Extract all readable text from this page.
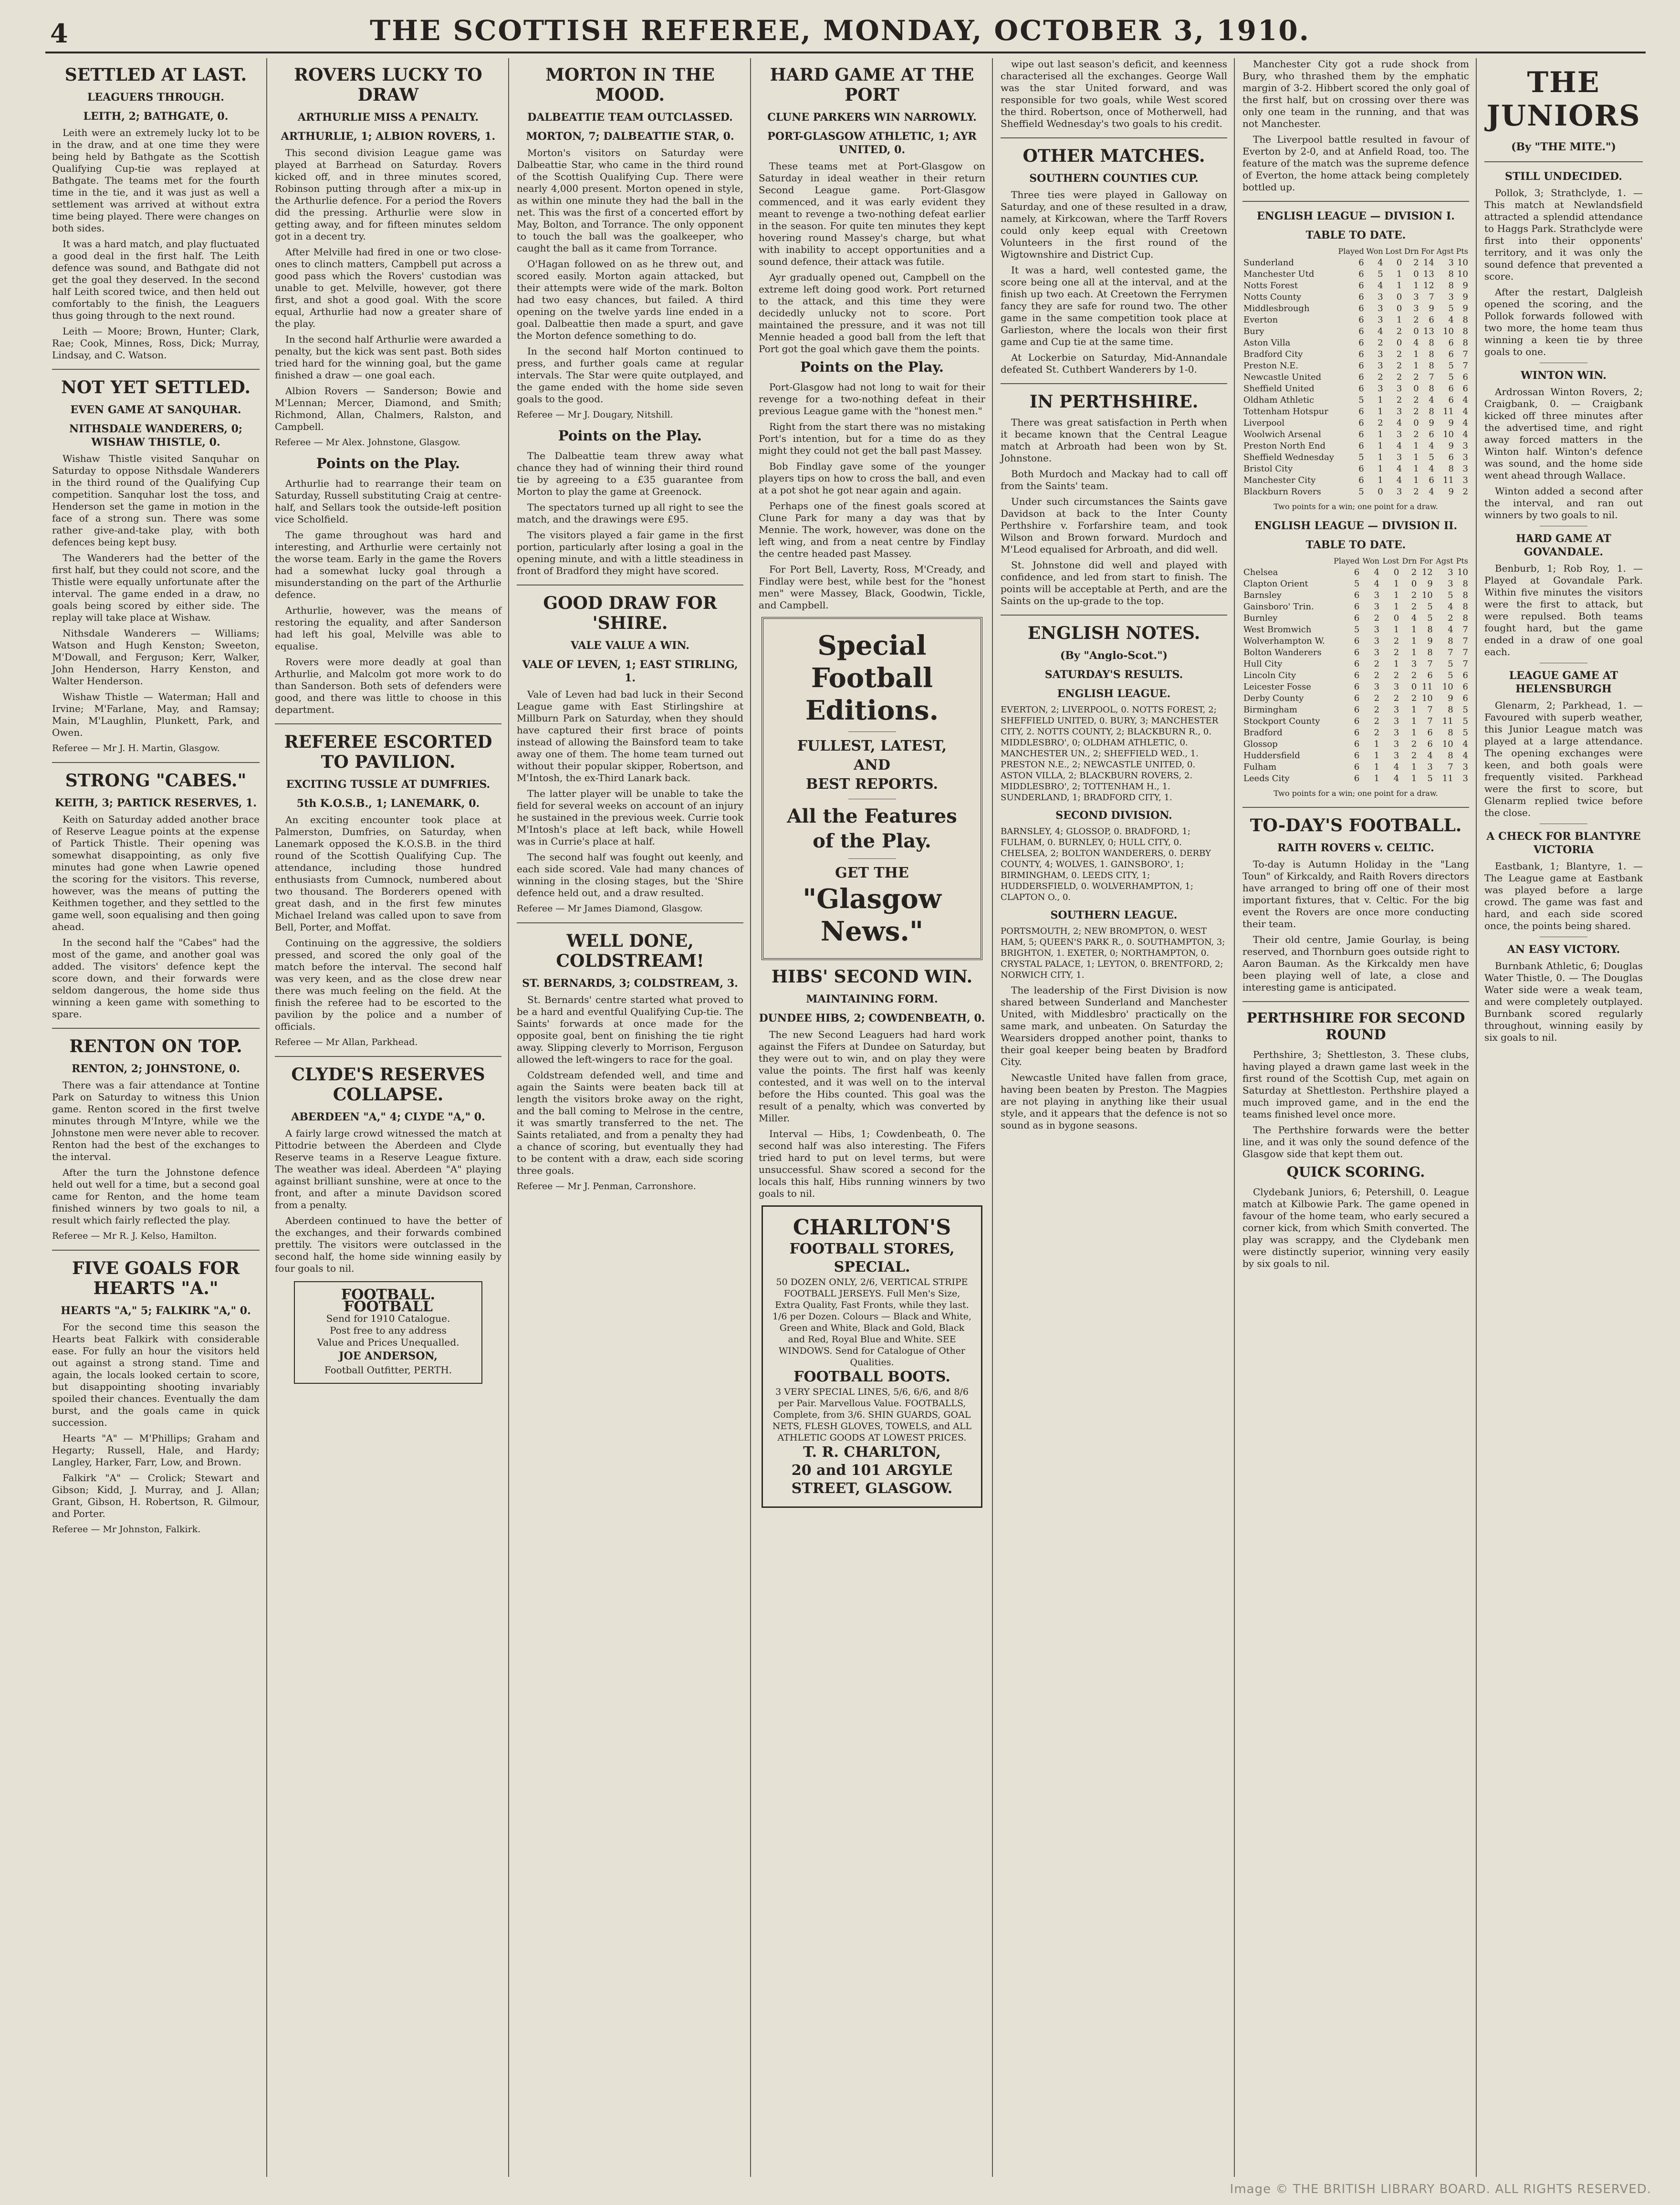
4	THE SCOTTISH REFEREE, MONDAY, OCTOBER 3, 1910.
SETTLED AT LAST.
LEAGUERS THROUGH.
LEITH, 2; BATHGATE, 0.

Leith were an extremely lucky lot to be in the draw, and at one time they were being held by Bathgate as the Scottish Qualifying Cup-tie was replayed at Bathgate. The teams met for the fourth time in the tie, and it was just as well a settlement was arrived at without extra time being played. There were changes on both sides.

It was a hard match, and play fluctuated a good deal in the first half. The Leith defence was sound, and Bathgate did not get the goal they deserved. In the second half Leith scored twice, and then held out comfortably to the finish, the Leaguers thus going through to the next round.

Leith — Moore; Brown, Hunter; Clark, Rae; Cook, Minnes, Ross, Dick; Murray, Lindsay, and C. Watson.

NOT YET SETTLED.
EVEN GAME AT SANQUHAR.
NITHSDALE WANDERERS, 0; WISHAW THISTLE, 0.

Wishaw Thistle visited Sanquhar on Saturday to oppose Nithsdale Wanderers in the third round of the Qualifying Cup competition. Sanquhar lost the toss, and Henderson set the game in motion in the face of a strong sun. There was some rather give-and-take play, with both defences being kept busy.

The Wanderers had the better of the first half, but they could not score, and the Thistle were equally unfortunate after the interval. The game ended in a draw, no goals being scored by either side. The replay will take place at Wishaw.

Nithsdale Wanderers — Williams; Watson and Hugh Kenston; Sweeton, M'Dowall, and Ferguson; Kerr, Walker, John Henderson, Harry Kenston, and Walter Henderson.

Wishaw Thistle — Waterman; Hall and Irvine; M'Farlane, May, and Ramsay; Main, M'Laughlin, Plunkett, Park, and Owen.

Referee — Mr J. H. Martin, Glasgow.

STRONG "CABES."
KEITH, 3; PARTICK RESERVES, 1.

Keith on Saturday added another brace of Reserve League points at the expense of Partick Thistle. Their opening was somewhat disappointing, as only five minutes had gone when Lawrie opened the scoring for the visitors. This reverse, however, was the means of putting the Keithmen together, and they settled to the game well, soon equalising and then going ahead.

In the second half the "Cabes" had the most of the game, and another goal was added. The visitors' defence kept the score down, and their forwards were seldom dangerous, the home side thus winning a keen game with something to spare.

RENTON ON TOP.
RENTON, 2; JOHNSTONE, 0.

There was a fair attendance at Tontine Park on Saturday to witness this Union game. Renton scored in the first twelve minutes through M'Intyre, while we the Johnstone men were never able to recover. Renton had the best of the exchanges to the interval.

After the turn the Johnstone defence held out well for a time, but a second goal came for Renton, and the home team finished winners by two goals to nil, a result which fairly reflected the play.

Referee — Mr R. J. Kelso, Hamilton.

FIVE GOALS FOR HEARTS "A."
HEARTS "A," 5; FALKIRK "A," 0.

For the second time this season the Hearts beat Falkirk with considerable ease. For fully an hour the visitors held out against a strong stand. Time and again, the locals looked certain to score, but disappointing shooting invariably spoiled their chances. Eventually the dam burst, and the goals came in quick succession.

Hearts "A" — M'Phillips; Graham and Hegarty; Russell, Hale, and Hardy; Langley, Harker, Farr, Low, and Brown.

Falkirk "A" — Crolick; Stewart and Gibson; Kidd, J. Murray, and J. Allan; Grant, Gibson, H. Robertson, R. Gilmour, and Porter.

Referee — Mr Johnston, Falkirk.

ROVERS LUCKY TO DRAW
ARTHURLIE MISS A PENALTY.
ARTHURLIE, 1; ALBION ROVERS, 1.

This second division League game was played at Barrhead on Saturday. Rovers kicked off, and in three minutes scored, Robinson putting through after a mix-up in the Arthurlie defence. For a period the Rovers did the pressing. Arthurlie were slow in getting away, and for fifteen minutes seldom got in a decent try.

After Melville had fired in one or two close-ones to clinch matters, Campbell put across a good pass which the Rovers' custodian was unable to get. Melville, however, got there first, and shot a good goal. With the score equal, Arthurlie had now a greater share of the play.

In the second half Arthurlie were awarded a penalty, but the kick was sent past. Both sides tried hard for the winning goal, but the game finished a draw — one goal each.

Albion Rovers — Sanderson; Bowie and M'Lennan; Mercer, Diamond, and Smith; Richmond, Allan, Chalmers, Ralston, and Campbell.

Referee — Mr Alex. Johnstone, Glasgow.

Points on the Play.

Arthurlie had to rearrange their team on Saturday, Russell substituting Craig at centre-half, and Sellars took the outside-left position vice Scholfield.

The game throughout was hard and interesting, and Arthurlie were certainly not the worse team. Early in the game the Rovers had a somewhat lucky goal through a misunderstanding on the part of the Arthurlie defence.

Arthurlie, however, was the means of restoring the equality, and after Sanderson had left his goal, Melville was able to equalise.

Rovers were more deadly at goal than Arthurlie, and Malcolm got more work to do than Sanderson. Both sets of defenders were good, and there was little to choose in this department.

REFEREE ESCORTED TO PAVILION.
EXCITING TUSSLE AT DUMFRIES.
5th K.O.S.B., 1; LANEMARK, 0.

An exciting encounter took place at Palmerston, Dumfries, on Saturday, when Lanemark opposed the K.O.S.B. in the third round of the Scottish Qualifying Cup. The attendance, including those hundred enthusiasts from Cumnock, numbered about two thousand. The Borderers opened with great dash, and in the first few minutes Michael Ireland was called upon to save from Bell, Porter, and Moffat.

Continuing on the aggressive, the soldiers pressed, and scored the only goal of the match before the interval. The second half was very keen, and as the close drew near there was much feeling on the field. At the finish the referee had to be escorted to the pavilion by the police and a number of officials.

Referee — Mr Allan, Parkhead.

CLYDE'S RESERVES COLLAPSE.
ABERDEEN "A," 4; CLYDE "A," 0.

A fairly large crowd witnessed the match at Pittodrie between the Aberdeen and Clyde Reserve teams in a Reserve League fixture. The weather was ideal. Aberdeen "A" playing against brilliant sunshine, were at once to the front, and after a minute Davidson scored from a penalty.

Aberdeen continued to have the better of the exchanges, and their forwards combined prettily. The visitors were outclassed in the second half, the home side winning easily by four goals to nil.

FOOTBALL.
FOOTBALL
Send for 1910 Catalogue.
Post free to any address
Value and Prices Unequalled.
JOE ANDERSON,
Football Outfitter, PERTH.
MORTON IN THE MOOD.
DALBEATTIE TEAM OUTCLASSED.
MORTON, 7; DALBEATTIE STAR, 0.

Morton's visitors on Saturday were Dalbeattie Star, who came in the third round of the Scottish Qualifying Cup. There were nearly 4,000 present. Morton opened in style, as within one minute they had the ball in the net. This was the first of a concerted effort by May, Bolton, and Torrance. The only opponent to touch the ball was the goalkeeper, who caught the ball as it came from Torrance.

O'Hagan followed on as he threw out, and scored easily. Morton again attacked, but their attempts were wide of the mark. Bolton had two easy chances, but failed. A third opening on the twelve yards line ended in a goal. Dalbeattie then made a spurt, and gave the Morton defence something to do.

In the second half Morton continued to press, and further goals came at regular intervals. The Star were quite outplayed, and the game ended with the home side seven goals to the good.

Referee — Mr J. Dougary, Nitshill.

Points on the Play.

The Dalbeattie team threw away what chance they had of winning their third round tie by agreeing to a £35 guarantee from Morton to play the game at Greenock.

The spectators turned up all right to see the match, and the drawings were £95.

The visitors played a fair game in the first portion, particularly after losing a goal in the opening minute, and with a little steadiness in front of Bradford they might have scored.

GOOD DRAW FOR 'SHIRE.
VALE VALUE A WIN.
VALE OF LEVEN, 1; EAST STIRLING, 1.

Vale of Leven had bad luck in their Second League game with East Stirlingshire at Millburn Park on Saturday, when they should have captured their first brace of points instead of allowing the Bainsford team to take away one of them. The home team turned out without their popular skipper, Robertson, and M'Intosh, the ex-Third Lanark back.

The latter player will be unable to take the field for several weeks on account of an injury he sustained in the previous week. Currie took M'Intosh's place at left back, while Howell was in Currie's place at half.

The second half was fought out keenly, and each side scored. Vale had many chances of winning in the closing stages, but the 'Shire defence held out, and a draw resulted.

Referee — Mr James Diamond, Glasgow.

WELL DONE, COLDSTREAM!
ST. BERNARDS, 3; COLDSTREAM, 3.

St. Bernards' centre started what proved to be a hard and eventful Qualifying Cup-tie. The Saints' forwards at once made for the opposite goal, bent on finishing the tie right away. Slipping cleverly to Morrison, Ferguson allowed the left-wingers to race for the goal.

Coldstream defended well, and time and again the Saints were beaten back till at length the visitors broke away on the right, and the ball coming to Melrose in the centre, it was smartly transferred to the net. The Saints retaliated, and from a penalty they had a chance of scoring, but eventually they had to be content with a draw, each side scoring three goals.

Referee — Mr J. Penman, Carronshore.

HARD GAME AT THE PORT
CLUNE PARKERS WIN NARROWLY.
PORT-GLASGOW ATHLETIC, 1; AYR UNITED, 0.

These teams met at Port-Glasgow on Saturday in ideal weather in their return Second League game. Port-Glasgow commenced, and it was early evident they meant to revenge a two-nothing defeat earlier in the season. For quite ten minutes they kept hovering round Massey's charge, but what with inability to accept opportunities and a sound defence, their attack was futile.

Ayr gradually opened out, Campbell on the extreme left doing good work. Port returned to the attack, and this time they were decidedly unlucky not to score. Port maintained the pressure, and it was not till Mennie headed a good ball from the left that Port got the goal which gave them the points.

Points on the Play.

Port-Glasgow had not long to wait for their revenge for a two-nothing defeat in their previous League game with the "honest men."

Right from the start there was no mistaking Port's intention, but for a time do as they might they could not get the ball past Massey.

Bob Findlay gave some of the younger players tips on how to cross the ball, and even at a pot shot he got near again and again.

Perhaps one of the finest goals scored at Clune Park for many a day was that by Mennie. The work, however, was done on the left wing, and from a neat centre by Findlay the centre headed past Massey.

For Port Bell, Laverty, Ross, M'Cready, and Findlay were best, while best for the "honest men" were Massey, Black, Goodwin, Tickle, and Campbell.

Special
Football
Editions.
FULLEST, LATEST,
AND
BEST REPORTS.
All the Features
of the Play.
GET THE
"Glasgow
News."
HIBS' SECOND WIN.
MAINTAINING FORM.
DUNDEE HIBS, 2; COWDENBEATH, 0.

The new Second Leaguers had hard work against the Fifers at Dundee on Saturday, but they were out to win, and on play they were value the points. The first half was keenly contested, and it was well on to the interval before the Hibs counted. This goal was the result of a penalty, which was converted by Miller.

Interval — Hibs, 1; Cowdenbeath, 0. The second half was also interesting. The Fifers tried hard to put on level terms, but were unsuccessful. Shaw scored a second for the locals this half, Hibs running winners by two goals to nil.

CHARLTON'S
FOOTBALL STORES,
SPECIAL.
50 DOZEN ONLY, 2/6, VERTICAL STRIPE FOOTBALL JERSEYS. Full Men's Size, Extra Quality, Fast Fronts, while they last. 1/6 per Dozen. Colours — Black and White, Green and White, Black and Gold, Black and Red, Royal Blue and White. SEE WINDOWS. Send for Catalogue of Other Qualities.
FOOTBALL BOOTS.
3 VERY SPECIAL LINES, 5/6, 6/6, and 8/6 per Pair. Marvellous Value. FOOTBALLS, Complete, from 3/6. SHIN GUARDS, GOAL NETS, FLESH GLOVES, TOWELS, and ALL ATHLETIC GOODS AT LOWEST PRICES.
T. R. CHARLTON,
20 and 101 ARGYLE STREET, GLASGOW.

wipe out last season's deficit, and keenness characterised all the exchanges. George Wall was the star United forward, and was responsible for two goals, while West scored the third. Robertson, once of Motherwell, had Sheffield Wednesday's two goals to his credit.

OTHER MATCHES.
SOUTHERN COUNTIES CUP.

Three ties were played in Galloway on Saturday, and one of these resulted in a draw, namely, at Kirkcowan, where the Tarff Rovers could only keep equal with Creetown Volunteers in the first round of the Wigtownshire and District Cup.

It was a hard, well contested game, the score being one all at the interval, and at the finish up two each. At Creetown the Ferrymen fancy they are safe for round two. The other game in the same competition took place at Garlieston, where the locals won their first game and Cup tie at the same time.

At Lockerbie on Saturday, Mid-Annandale defeated St. Cuthbert Wanderers by 1-0.

IN PERTHSHIRE.

There was great satisfaction in Perth when it became known that the Central League match at Arbroath had been won by St. Johnstone.

Both Murdoch and Mackay had to call off from the Saints' team.

Under such circumstances the Saints gave Davidson at back to the Inter County Perthshire v. Forfarshire team, and took Wilson and Brown forward. Murdoch and M'Leod equalised for Arbroath, and did well.

St. Johnstone did well and played with confidence, and led from start to finish. The points will be acceptable at Perth, and are the Saints on the up-grade to the top.

ENGLISH NOTES.
(By "Anglo-Scot.")
SATURDAY'S RESULTS.
ENGLISH LEAGUE.

EVERTON, 2; LIVERPOOL, 0. NOTTS FOREST, 2; SHEFFIELD UNITED, 0. BURY, 3; MANCHESTER CITY, 2. NOTTS COUNTY, 2; BLACKBURN R., 0. MIDDLESBRO', 0; OLDHAM ATHLETIC, 0. MANCHESTER UN., 2; SHEFFIELD WED., 1. PRESTON N.E., 2; NEWCASTLE UNITED, 0. ASTON VILLA, 2; BLACKBURN ROVERS, 2. MIDDLESBRO', 2; TOTTENHAM H., 1. SUNDERLAND, 1; BRADFORD CITY, 1.

SECOND DIVISION.

BARNSLEY, 4; GLOSSOP, 0. BRADFORD, 1; FULHAM, 0. BURNLEY, 0; HULL CITY, 0. CHELSEA, 2; BOLTON WANDERERS, 0. DERBY COUNTY, 4; WOLVES, 1. GAINSBORO', 1; BIRMINGHAM, 0. LEEDS CITY, 1; HUDDERSFIELD, 0. WOLVERHAMPTON, 1; CLAPTON O., 0.

SOUTHERN LEAGUE.

PORTSMOUTH, 2; NEW BROMPTON, 0. WEST HAM, 5; QUEEN'S PARK R., 0. SOUTHAMPTON, 3; BRIGHTON, 1. EXETER, 0; NORTHAMPTON, 0. CRYSTAL PALACE, 1; LEYTON, 0. BRENTFORD, 2; NORWICH CITY, 1.

The leadership of the First Division is now shared between Sunderland and Manchester United, with Middlesbro' practically on the same mark, and unbeaten. On Saturday the Wearsiders dropped another point, thanks to their goal keeper being beaten by Bradford City.

Newcastle United have fallen from grace, having been beaten by Preston. The Magpies are not playing in anything like their usual style, and it appears that the defence is not so sound as in bygone seasons.

Manchester City got a rude shock from Bury, who thrashed them by the emphatic margin of 3-2. Hibbert scored the only goal of the first half, but on crossing over there was only one team in the running, and that was not Manchester.

The Liverpool battle resulted in favour of Everton by 2-0, and at Anfield Road, too. The feature of the match was the supreme defence of Everton, the home attack being completely bottled up.

ENGLISH LEAGUE — DIVISION I.
TABLE TO DATE.
	Played	Won	Lost	Drn	For	Agst	Pts
Sunderland	6	4	0	2	14	3	10
Manchester Utd	6	5	1	0	13	8	10
Notts Forest	6	4	1	1	12	8	9
Notts County	6	3	0	3	7	3	9
Middlesbrough	6	3	0	3	9	5	9
Everton	6	3	1	2	6	4	8
Bury	6	4	2	0	13	10	8
Aston Villa	6	2	0	4	8	6	8
Bradford City	6	3	2	1	8	6	7
Preston N.E.	6	3	2	1	8	5	7
Newcastle United	6	2	2	2	7	5	6
Sheffield United	6	3	3	0	8	6	6
Oldham Athletic	5	1	2	2	4	6	4
Tottenham Hotspur	6	1	3	2	8	11	4
Liverpool	6	2	4	0	9	9	4
Woolwich Arsenal	6	1	3	2	6	10	4
Preston North End	6	1	4	1	4	9	3
Sheffield Wednesday	5	1	3	1	5	6	3
Bristol City	6	1	4	1	4	8	3
Manchester City	6	1	4	1	6	11	3
Blackburn Rovers	5	0	3	2	4	9	2
Two points for a win; one point for a draw.
ENGLISH LEAGUE — DIVISION II.
TABLE TO DATE.
	Played	Won	Lost	Drn	For	Agst	Pts
Chelsea	6	4	0	2	12	3	10
Clapton Orient	5	4	1	0	9	3	8
Barnsley	6	3	1	2	10	5	8
Gainsboro' Trin.	6	3	1	2	5	4	8
Burnley	6	2	0	4	5	2	8
West Bromwich	5	3	1	1	8	4	7
Wolverhampton W.	6	3	2	1	9	8	7
Bolton Wanderers	6	3	2	1	8	7	7
Hull City	6	2	1	3	7	5	7
Lincoln City	6	2	2	2	6	5	6
Leicester Fosse	6	3	3	0	11	10	6
Derby County	6	2	2	2	10	9	6
Birmingham	6	2	3	1	7	8	5
Stockport County	6	2	3	1	7	11	5
Bradford	6	2	3	1	6	8	5
Glossop	6	1	3	2	6	10	4
Huddersfield	6	1	3	2	4	8	4
Fulham	6	1	4	1	3	7	3
Leeds City	6	1	4	1	5	11	3
Two points for a win; one point for a draw.
TO-DAY'S FOOTBALL.
RAITH ROVERS v. CELTIC.

To-day is Autumn Holiday in the "Lang Toun" of Kirkcaldy, and Raith Rovers directors have arranged to bring off one of their most important fixtures, that v. Celtic. For the big event the Rovers are once more conducting their team.

Their old centre, Jamie Gourlay, is being reserved, and Thornburn goes outside right to Aaron Bauman. As the Kirkcaldy men have been playing well of late, a close and interesting game is anticipated.

PERTHSHIRE FOR SECOND ROUND

Perthshire, 3; Shettleston, 3. These clubs, having played a drawn game last week in the first round of the Scottish Cup, met again on Saturday at Shettleston. Perthshire played a much improved game, and in the end the teams finished level once more.

The Perthshire forwards were the better line, and it was only the sound defence of the Glasgow side that kept them out.

QUICK SCORING.

Clydebank Juniors, 6; Petershill, 0. League match at Kilbowie Park. The game opened in favour of the home team, who early secured a corner kick, from which Smith converted. The play was scrappy, and the Clydebank men were distinctly superior, winning very easily by six goals to nil.

THE JUNIORS
(By "THE MITE.")
STILL UNDECIDED.

Pollok, 3; Strathclyde, 1. — This match at Newlandsfield attracted a splendid attendance to Haggs Park. Strathclyde were first into their opponents' territory, and it was only the sound defence that prevented a score.

After the restart, Dalgleish opened the scoring, and the Pollok forwards followed with two more, the home team thus winning a keen tie by three goals to one.

WINTON WIN.

Ardrossan Winton Rovers, 2; Craigbank, 0. — Craigbank kicked off three minutes after the advertised time, and right away forced matters in the Winton half. Winton's defence was sound, and the home side went ahead through Wallace.

Winton added a second after the interval, and ran out winners by two goals to nil.

HARD GAME AT GOVANDALE.

Benburb, 1; Rob Roy, 1. — Played at Govandale Park. Within five minutes the visitors were the first to attack, but were repulsed. Both teams fought hard, but the game ended in a draw of one goal each.

LEAGUE GAME AT HELENSBURGH

Glenarm, 2; Parkhead, 1. — Favoured with superb weather, this Junior League match was played at a large attendance. The opening exchanges were keen, and both goals were frequently visited. Parkhead were the first to score, but Glenarm replied twice before the close.

A CHECK FOR BLANTYRE VICTORIA

Eastbank, 1; Blantyre, 1. — The League game at Eastbank was played before a large crowd. The game was fast and hard, and each side scored once, the points being shared.

AN EASY VICTORY.

Burnbank Athletic, 6; Douglas Water Thistle, 0. — The Douglas Water side were a weak team, and were completely outplayed. Burnbank scored regularly throughout, winning easily by six goals to nil.

Image © THE BRITISH LIBRARY BOARD. ALL RIGHTS RESERVED.
